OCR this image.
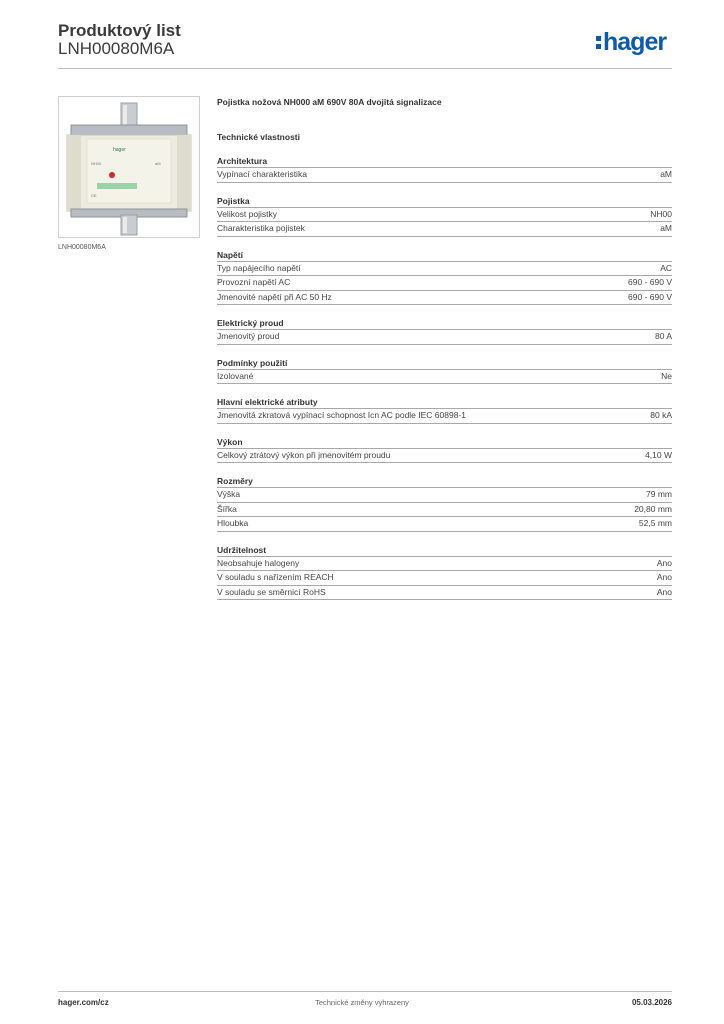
Produktový list
LNH00080M6A	hager
hager
NH00	aM
CE
LNH00080M6A
Pojistka nožová NH000 aM 690V 80A dvojitá signalizace
Technické vlastnosti
Architektura
Vypínací charakteristika	aM
Pojistka
Velikost pojistky	NH00
Charakteristika pojistek	aM
Napětí
Typ napájecího napětí	AC
Provozní napětí AC	690 - 690 V
Jmenovité napětí při AC 50 Hz	690 - 690 V
Elektrický proud
Jmenovitý proud	80 A
Podmínky použití
Izolované	Ne
Hlavní elektrické atributy
Jmenovitá zkratová vypínací schopnost Icn AC podle IEC 60898-1	80 kA
Výkon
Celkový ztrátový výkon při jmenovitém proudu	4,10 W
Rozměry
Výška	79 mm
Šířka	20,80 mm
Hloubka	52,5 mm
Udržitelnost
Neobsahuje halogeny	Ano
V souladu s nařízením REACH	Ano
V souladu se směrnicí RoHS	Ano
hager.com/cz	Technické změny vyhrazeny	05.03.2026
